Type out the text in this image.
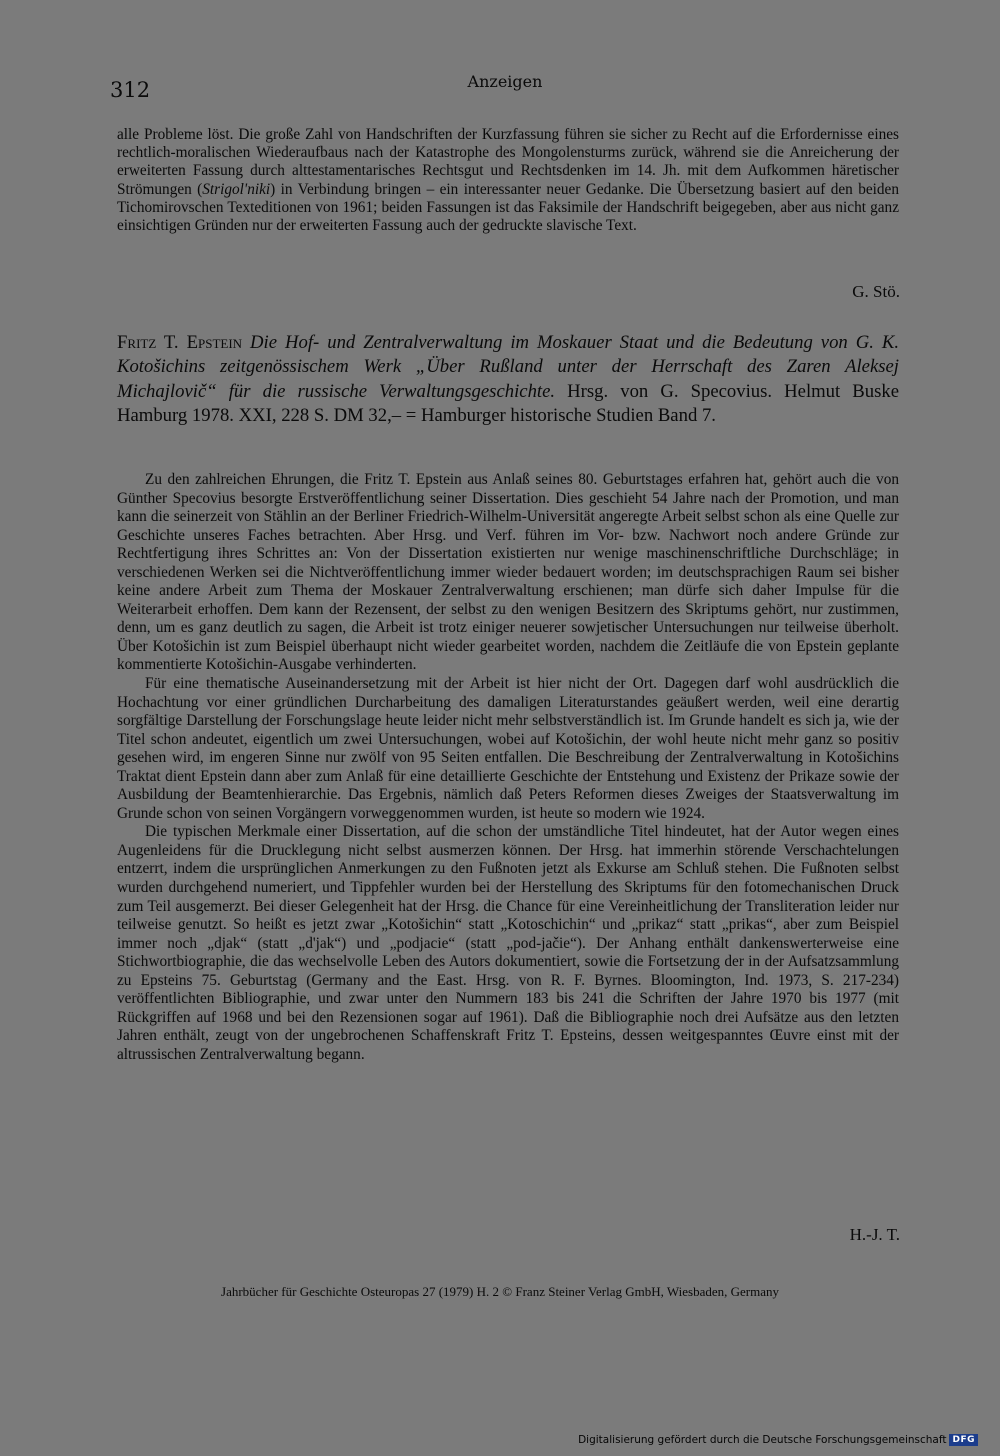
312	Anzeigen
alle Probleme löst. Die große Zahl von Handschriften der Kurzfassung führen sie sicher zu Recht auf die Erfordernisse eines rechtlich-moralischen Wiederaufbaus nach der Katastrophe des Mongolensturms zurück, während sie die Anreicherung der erweiterten Fassung durch alttestamentarisches Rechtsgut und Rechtsdenken im 14. Jh. mit dem Aufkommen häretischer Strömungen (Strigol'niki) in Verbindung bringen – ein interessanter neuer Gedanke. Die Übersetzung basiert auf den beiden Tichomirovschen Texteditionen von 1961; beiden Fassungen ist das Faksimile der Handschrift beigegeben, aber aus nicht ganz einsichtigen Gründen nur der erweiterten Fassung auch der gedruckte slavische Text.
G. Stö.
Fritz T. Epstein Die Hof- und Zentralverwaltung im Moskauer Staat und die Bedeutung von G. K. Kotošichins zeitgenössischem Werk „Über Rußland unter der Herrschaft des Zaren Aleksej Michajlovič“ für die russische Verwaltungsgeschichte. Hrsg. von G. Specovius. Helmut Buske Hamburg 1978. XXI, 228 S. DM 32,– = Hamburger historische Studien Band 7.

Zu den zahlreichen Ehrungen, die Fritz T. Epstein aus Anlaß seines 80. Geburtstages erfahren hat, gehört auch die von Günther Specovius besorgte Erstveröffentlichung seiner Dissertation. Dies geschieht 54 Jahre nach der Promotion, und man kann die seinerzeit von Stählin an der Berliner Friedrich-Wilhelm-Universität angeregte Arbeit selbst schon als eine Quelle zur Geschichte unseres Faches betrachten. Aber Hrsg. und Verf. führen im Vor- bzw. Nachwort noch andere Gründe zur Rechtfertigung ihres Schrittes an: Von der Dissertation existierten nur wenige maschinenschriftliche Durchschläge; in verschiedenen Werken sei die Nichtveröffentlichung immer wieder bedauert worden; im deutschsprachigen Raum sei bisher keine andere Arbeit zum Thema der Moskauer Zentralverwaltung erschienen; man dürfe sich daher Impulse für die Weiterarbeit erhoffen. Dem kann der Rezensent, der selbst zu den wenigen Besitzern des Skriptums gehört, nur zustimmen, denn, um es ganz deutlich zu sagen, die Arbeit ist trotz einiger neuerer sowjetischer Untersuchungen nur teilweise überholt. Über Kotošichin ist zum Beispiel überhaupt nicht wieder gearbeitet worden, nachdem die Zeitläufe die von Epstein geplante kommentierte Kotošichin-Ausgabe verhinderten.

Für eine thematische Auseinandersetzung mit der Arbeit ist hier nicht der Ort. Dagegen darf wohl ausdrücklich die Hochachtung vor einer gründlichen Durcharbeitung des damaligen Literaturstandes geäußert werden, weil eine derartig sorgfältige Darstellung der Forschungslage heute leider nicht mehr selbstverständlich ist. Im Grunde handelt es sich ja, wie der Titel schon andeutet, eigentlich um zwei Untersuchungen, wobei auf Kotošichin, der wohl heute nicht mehr ganz so positiv gesehen wird, im engeren Sinne nur zwölf von 95 Seiten entfallen. Die Beschreibung der Zentralverwaltung in Kotošichins Traktat dient Epstein dann aber zum Anlaß für eine detaillierte Geschichte der Entstehung und Existenz der Prikaze sowie der Ausbildung der Beamtenhierarchie. Das Ergebnis, nämlich daß Peters Reformen dieses Zweiges der Staatsverwaltung im Grunde schon von seinen Vorgängern vorweggenommen wurden, ist heute so modern wie 1924.

Die typischen Merkmale einer Dissertation, auf die schon der umständliche Titel hindeutet, hat der Autor wegen eines Augenleidens für die Drucklegung nicht selbst ausmerzen können. Der Hrsg. hat immerhin störende Verschachtelungen entzerrt, indem die ursprünglichen Anmerkungen zu den Fußnoten jetzt als Exkurse am Schluß stehen. Die Fußnoten selbst wurden durchgehend numeriert, und Tippfehler wurden bei der Herstellung des Skriptums für den fotomechanischen Druck zum Teil ausgemerzt. Bei dieser Gelegenheit hat der Hrsg. die Chance für eine Vereinheitlichung der Transliteration leider nur teilweise genutzt. So heißt es jetzt zwar „Kotošichin“ statt „Kotoschichin“ und „prikaz“ statt „prikas“, aber zum Beispiel immer noch „djak“ (statt „d'jak“) und „podjacie“ (statt „pod-jačie“). Der Anhang enthält dankenswerterweise eine Stichwortbiographie, die das wechselvolle Leben des Autors dokumentiert, sowie die Fortsetzung der in der Aufsatzsammlung zu Epsteins 75. Geburtstag (Germany and the East. Hrsg. von R. F. Byrnes. Bloomington, Ind. 1973, S. 217-234) veröffentlichten Bibliographie, und zwar unter den Nummern 183 bis 241 die Schriften der Jahre 1970 bis 1977 (mit Rückgriffen auf 1968 und bei den Rezensionen sogar auf 1961). Daß die Bibliographie noch drei Aufsätze aus den letzten Jahren enthält, zeugt von der ungebrochenen Schaffenskraft Fritz T. Epsteins, dessen weitgespanntes Œuvre einst mit der altrussischen Zentralverwaltung begann.

H.-J. T.
Jahrbücher für Geschichte Osteuropas 27 (1979) H. 2 © Franz Steiner Verlag GmbH, Wiesbaden, Germany
Digitalisierung gefördert durch die Deutsche Forschungsgemeinschaft DFG
